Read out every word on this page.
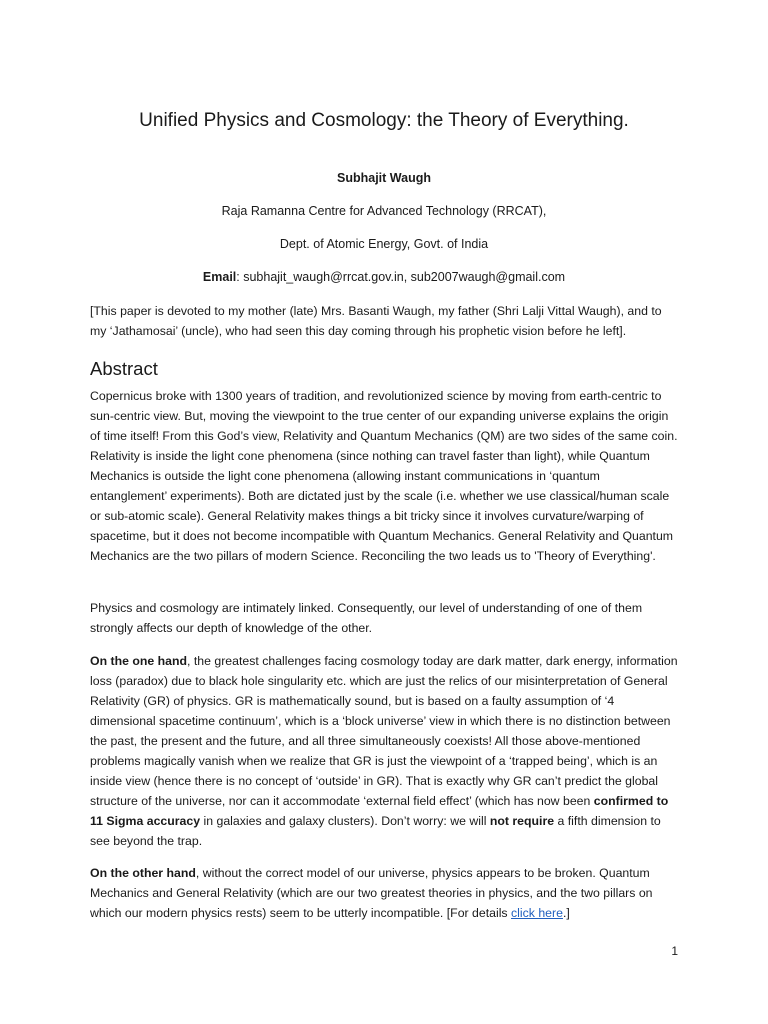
Unified Physics and Cosmology: the Theory of Everything.
Subhajit Waugh
Raja Ramanna Centre for Advanced Technology (RRCAT),
Dept. of Atomic Energy, Govt. of India
Email: subhajit_waugh@rrcat.gov.in, sub2007waugh@gmail.com

[This paper is devoted to my mother (late) Mrs. Basanti Waugh, my father (Shri Lalji Vittal Waugh), and to my ‘Jathamosai’ (uncle), who had seen this day coming through his prophetic vision before he left].

Abstract

Copernicus broke with 1300 years of tradition, and revolutionized science by moving from earth-centric to sun-centric view. But, moving the viewpoint to the true center of our expanding universe explains the origin of time itself! From this God’s view, Relativity and Quantum Mechanics (QM) are two sides of the same coin. Relativity is inside the light cone phenomena (since nothing can travel faster than light), while Quantum Mechanics is outside the light cone phenomena (allowing instant communications in ‘quantum entanglement’ experiments). Both are dictated just by the scale (i.e. whether we use classical/human scale or sub-atomic scale). General Relativity makes things a bit tricky since it involves curvature/warping of spacetime, but it does not become incompatible with Quantum Mechanics. General Relativity and Quantum Mechanics are the two pillars of modern Science. Reconciling the two leads us to 'Theory of Everything'.

Physics and cosmology are intimately linked. Consequently, our level of understanding of one of them strongly affects our depth of knowledge of the other.

On the one hand, the greatest challenges facing cosmology today are dark matter, dark energy, information loss (paradox) due to black hole singularity etc. which are just the relics of our misinterpretation of General Relativity (GR) of physics. GR is mathematically sound, but is based on a faulty assumption of ‘4 dimensional spacetime continuum’, which is a ‘block universe’ view in which there is no distinction between the past, the present and the future, and all three simultaneously coexists! All those above-mentioned problems magically vanish when we realize that GR is just the viewpoint of a ‘trapped being’, which is an inside view (hence there is no concept of ‘outside’ in GR). That is exactly why GR can’t predict the global structure of the universe, nor can it accommodate ‘external field effect’ (which has now been confirmed to 11 Sigma accuracy in galaxies and galaxy clusters). Don’t worry: we will not require a fifth dimension to see beyond the trap.

On the other hand, without the correct model of our universe, physics appears to be broken. Quantum Mechanics and General Relativity (which are our two greatest theories in physics, and the two pillars on which our modern physics rests) seem to be utterly incompatible. [For details click here.]

1
